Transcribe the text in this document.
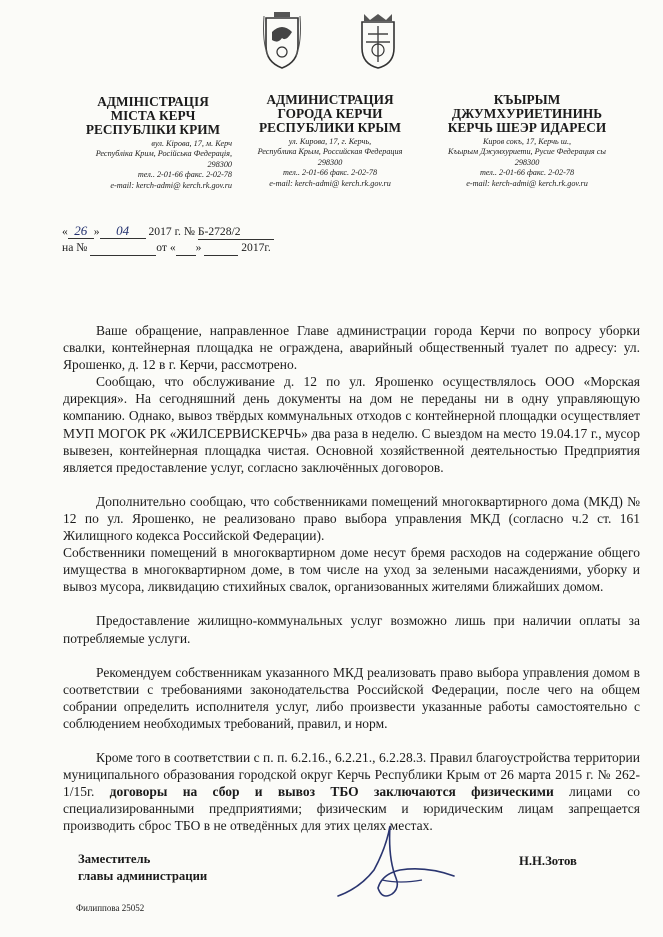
АДМІНІСТРАЦІЯ
МІСТА КЕРЧ
РЕСПУБЛІКИ КРИМ
вул. Кірова, 17, м. Керч
Республіка Крим, Російська Федерація,
298300
тел.. 2-01-66 факс. 2-02-78
e-mail: kerch-admi@ kerch.rk.gov.ru
АДМИНИСТРАЦИЯ
ГОРОДА КЕРЧИ
РЕСПУБЛИКИ КРЫМ
ул. Кирова, 17, г. Керчь,
Республика Крым, Российская Федерация
298300
тел.. 2-01-66 факс. 2-02-78
e-mail: kerch-admi@ kerch.rk.gov.ru
КЪЫРЫМ
ДЖУМХУРИЕТИНИНЬ
КЕРЧЬ ШЕЭР ИДАРЕСИ
Киров сокъ, 17, Керчь ш.,
Къырым Джумхуриети, Русие Федерация сы
298300
тел.. 2-01-66 факс. 2-02-78
e-mail: kerch-admi@ kerch.rk.gov.ru
« 26 » 04 2017 г. № Б-2728/2
на №	от « »	2017г.

Ваше обращение, направленное Главе администрации города Керчи по вопросу уборки свалки, контейнерная площадка не ограждена, аварийный общественный туалет по адресу: ул. Ярошенко, д. 12 в г. Керчи, рассмотрено.

Сообщаю, что обслуживание д. 12 по ул. Ярошенко осуществлялось ООО «Морская дирекция». На сегодняшний день документы на дом не переданы ни в одну управляющую компанию. Однако, вывоз твёрдых коммунальных отходов с контейнерной площадки осуществляет МУП МОГОК РК «ЖИЛСЕРВИСКЕРЧЬ» два раза в неделю. С выездом на место 19.04.17 г., мусор вывезен, контейнерная площадка чистая. Основной хозяйственной деятельностью Предприятия является предоставление услуг, согласно заключённых договоров.

Дополнительно сообщаю, что собственниками помещений многоквартирного дома (МКД) № 12 по ул. Ярошенко, не реализовано право выбора управления МКД (согласно ч.2 ст. 161 Жилищного кодекса Российской Федерации).

Собственники помещений в многоквартирном доме несут бремя расходов на содержание общего имущества в многоквартирном доме, в том числе на уход за зелеными насаждениями, уборку и вывоз мусора, ликвидацию стихийных свалок, организованных жителями ближайших домом.

Предоставление жилищно-коммунальных услуг возможно лишь при наличии оплаты за потребляемые услуги.

Рекомендуем собственникам указанного МКД реализовать право выбора управления домом в соответствии с требованиями законодательства Российской Федерации, после чего на общем собрании определить исполнителя услуг, либо произвести указанные работы самостоятельно с соблюдением необходимых требований, правил, и норм.

Кроме того в соответствии с п. п. 6.2.16., 6.2.21., 6.2.28.3. Правил благоустройства территории муниципального образования городской округ Керчь Республики Крым от 26 марта 2015 г. № 262-1/15г. договоры на сбор и вывоз ТБО заключаются физическими лицами со специализированными предприятиями; физическим и юридическим лицам запрещается производить сброс ТБО в не отведённых для этих целях местах.

Заместитель
главы администрации
Н.Н.Зотов
Филиппова 25052
